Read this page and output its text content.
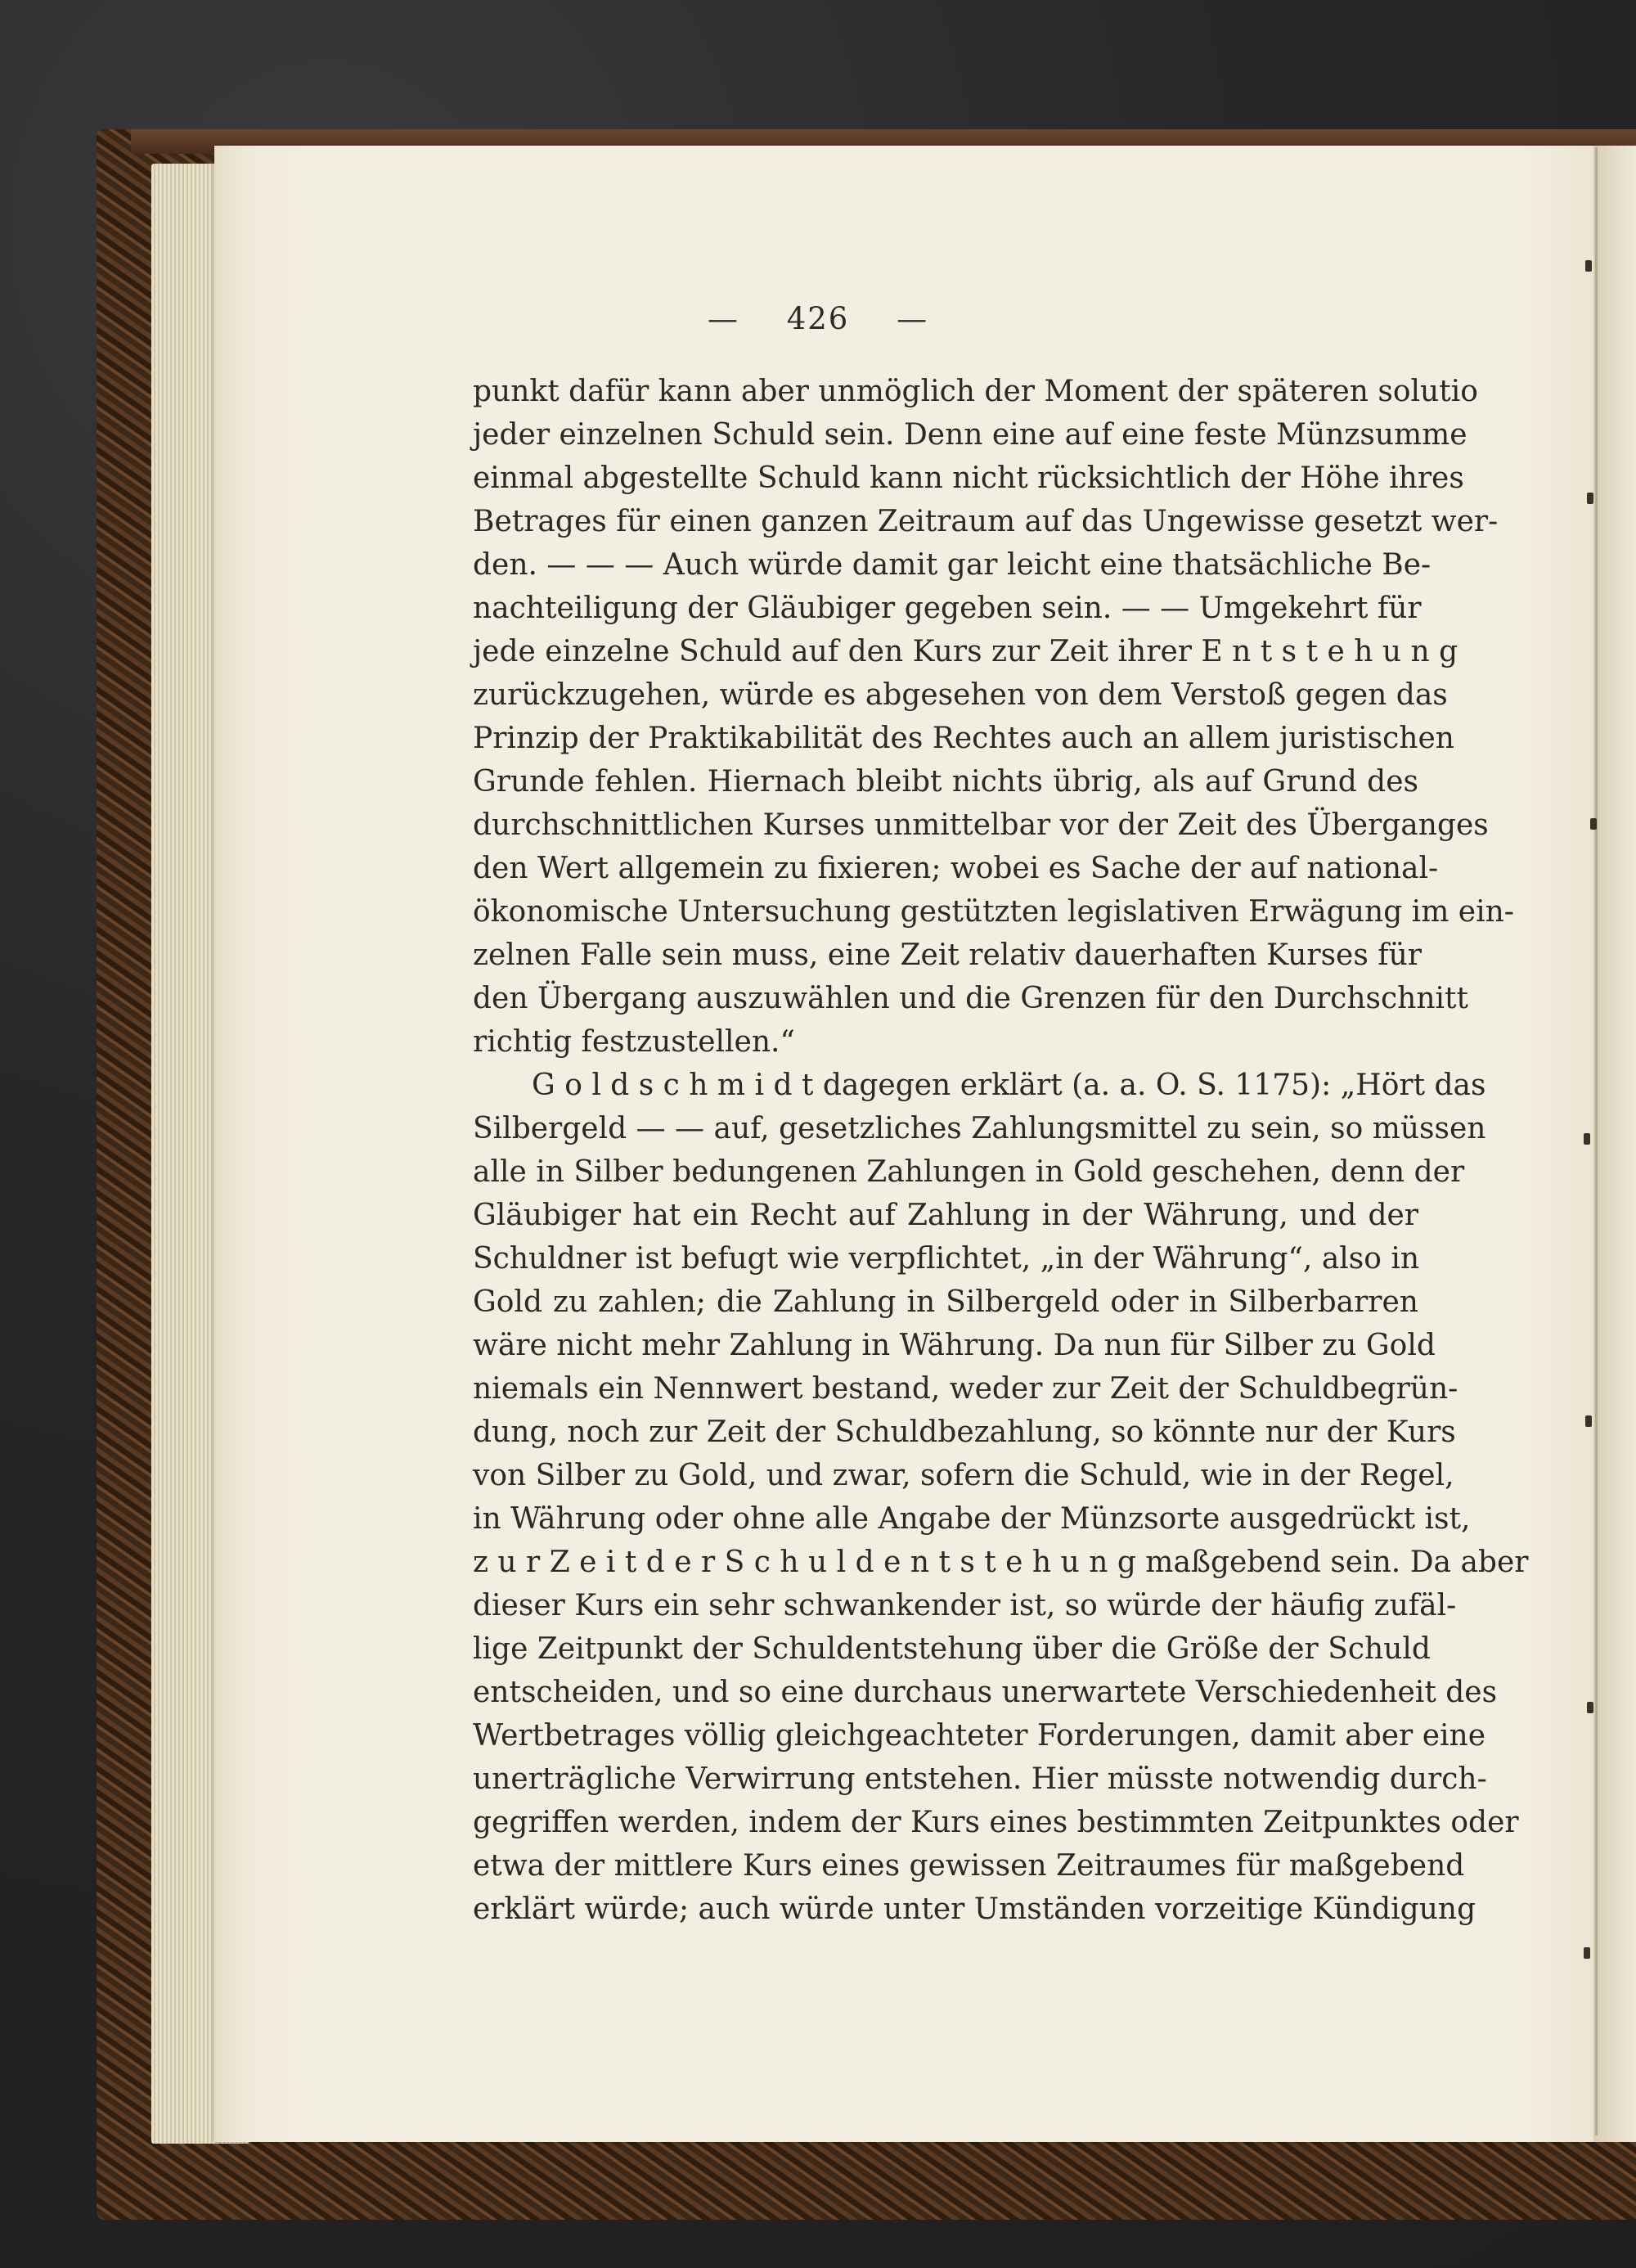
— 426 —
punkt dafür kann aber unmöglich der Moment der späteren solutio
jeder einzelnen Schuld sein. Denn eine auf eine feste Münzsumme
einmal abgestellte Schuld kann nicht rücksichtlich der Höhe ihres
Betrages für einen ganzen Zeitraum auf das Ungewisse gesetzt wer-
den. — — — Auch würde damit gar leicht eine thatsächliche Be-
nachteiligung der Gläubiger gegeben sein. — — Umgekehrt für
jede einzelne Schuld auf den Kurs zur Zeit ihrer E n t s t e h u n g
zurückzugehen, würde es abgesehen von dem Verstoß gegen das
Prinzip der Praktikabilität des Rechtes auch an allem juristischen
Grunde fehlen. Hiernach bleibt nichts übrig, als auf Grund des
durchschnittlichen Kurses unmittelbar vor der Zeit des Überganges
den Wert allgemein zu fixieren; wobei es Sache der auf national-
ökonomische Untersuchung gestützten legislativen Erwägung im ein-
zelnen Falle sein muss, eine Zeit relativ dauerhaften Kurses für
den Übergang auszuwählen und die Grenzen für den Durchschnitt
richtig festzustellen.“
G o l d s c h m i d t dagegen erklärt (a. a. O. S. 1175): „Hört das
Silbergeld — — auf, gesetzliches Zahlungsmittel zu sein, so müssen
alle in Silber bedungenen Zahlungen in Gold geschehen, denn der
Gläubiger hat ein Recht auf Zahlung in der Währung, und der
Schuldner ist befugt wie verpflichtet, „in der Währung“, also in
Gold zu zahlen; die Zahlung in Silbergeld oder in Silberbarren
wäre nicht mehr Zahlung in Währung. Da nun für Silber zu Gold
niemals ein Nennwert bestand, weder zur Zeit der Schuldbegrün-
dung, noch zur Zeit der Schuldbezahlung, so könnte nur der Kurs
von Silber zu Gold, und zwar, sofern die Schuld, wie in der Regel,
in Währung oder ohne alle Angabe der Münzsorte ausgedrückt ist,
z u r Z e i t d e r S c h u l d e n t s t e h u n g maßgebend sein. Da aber
dieser Kurs ein sehr schwankender ist, so würde der häufig zufäl-
lige Zeitpunkt der Schuldentstehung über die Größe der Schuld
entscheiden, und so eine durchaus unerwartete Verschiedenheit des
Wertbetrages völlig gleichgeachteter Forderungen, damit aber eine
unerträgliche Verwirrung entstehen. Hier müsste notwendig durch-
gegriffen werden, indem der Kurs eines bestimmten Zeitpunktes oder
etwa der mittlere Kurs eines gewissen Zeitraumes für maßgebend
erklärt würde; auch würde unter Umständen vorzeitige Kündigung
